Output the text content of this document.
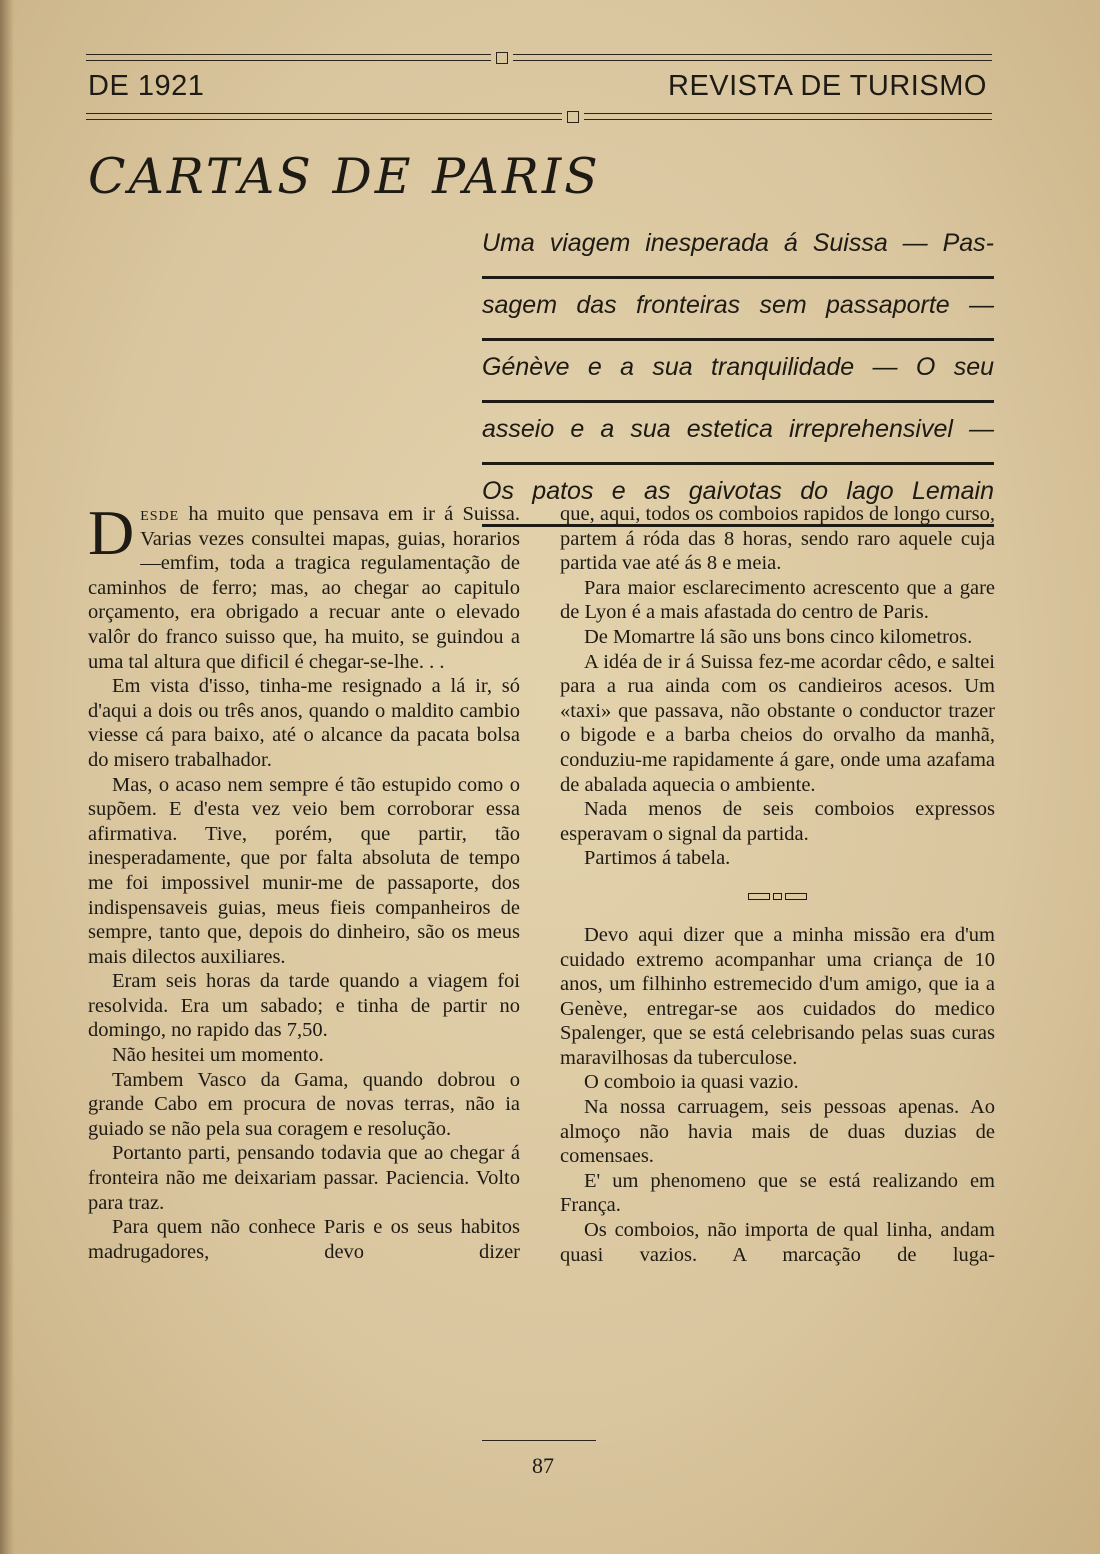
DE 1921	REVISTA DE TURISMO
CARTAS DE PARIS
Uma viagem inesperada á Suissa — Pas-
sagem das fronteiras sem passaporte —
Génève e a sua tranquilidade — O seu
asseio e a sua estetica irreprehensivel —
Os patos e as gaivotas do lago Lemain

Desde ha muito que pensava em ir á Suissa. Varias vezes consultei mapas, guias, horarios—emfim, toda a tragica regulamentação de caminhos de ferro; mas, ao chegar ao capitulo orçamento, era obrigado a recuar ante o elevado valôr do franco suisso que, ha muito, se guindou a uma tal altura que dificil é chegar-se-lhe. . .

Em vista d'isso, tinha-me resignado a lá ir, só d'aqui a dois ou três anos, quando o maldito cambio viesse cá para baixo, até o alcance da pacata bolsa do misero trabalhador.

Mas, o acaso nem sempre é tão estupido como o supõem. E d'esta vez veio bem corroborar essa afirmativa. Tive, porém, que partir, tão inesperadamente, que por falta absoluta de tempo me foi impossivel munir-me de passaporte, dos indispensaveis guias, meus fieis companheiros de sempre, tanto que, depois do dinheiro, são os meus mais dilectos auxiliares.

Eram seis horas da tarde quando a viagem foi resolvida. Era um sabado; e tinha de partir no domingo, no rapido das 7,50.

Não hesitei um momento.

Tambem Vasco da Gama, quando dobrou o grande Cabo em procura de novas terras, não ia guiado se não pela sua coragem e resolução.

Portanto parti, pensando todavia que ao chegar á fronteira não me deixariam passar. Paciencia. Volto para traz.

Para quem não conhece Paris e os seus habitos madrugadores, devo dizer

que, aqui, todos os comboios rapidos de longo curso, partem á róda das 8 horas, sendo raro aquele cuja partida vae até ás 8 e meia.

Para maior esclarecimento acrescento que a gare de Lyon é a mais afastada do centro de Paris.

De Momartre lá são uns bons cinco kilometros.

A idéa de ir á Suissa fez-me acordar cêdo, e saltei para a rua ainda com os candieiros acesos. Um «taxi» que passava, não obstante o conductor trazer o bigode e a barba cheios do orvalho da manhã, conduziu-me rapidamente á gare, onde uma azafama de abalada aquecia o ambiente.

Nada menos de seis comboios expressos esperavam o signal da partida.

Partimos á tabela.

Devo aqui dizer que a minha missão era d'um cuidado extremo acompanhar uma criança de 10 anos, um filhinho estremecido d'um amigo, que ia a Genève, entregar-se aos cuidados do medico Spalenger, que se está celebrisando pelas suas curas maravilhosas da tuberculose.

O comboio ia quasi vazio.

Na nossa carruagem, seis pessoas apenas. Ao almoço não havia mais de duas duzias de comensaes.

E' um phenomeno que se está realizando em França.

Os comboios, não importa de qual linha, andam quasi vazios. A marcação de luga-

87
